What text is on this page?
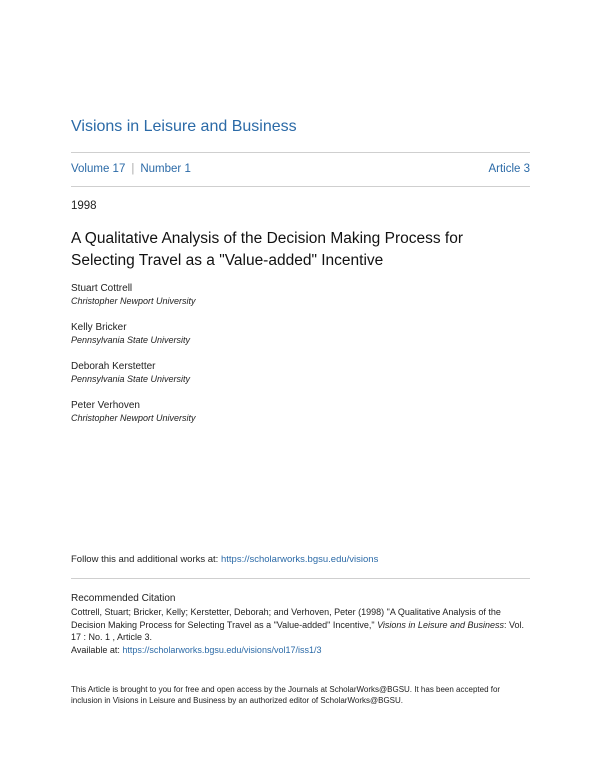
Visions in Leisure and Business
Volume 17 | Number 1	Article 3
1998
A Qualitative Analysis of the Decision Making Process for Selecting Travel as a "Value-added" Incentive
Stuart Cottrell
Christopher Newport University
Kelly Bricker
Pennsylvania State University
Deborah Kerstetter
Pennsylvania State University
Peter Verhoven
Christopher Newport University
Follow this and additional works at: https://scholarworks.bgsu.edu/visions
Recommended Citation
Cottrell, Stuart; Bricker, Kelly; Kerstetter, Deborah; and Verhoven, Peter (1998) "A Qualitative Analysis of the Decision Making Process for Selecting Travel as a "Value-added" Incentive," Visions in Leisure and Business: Vol. 17 : No. 1 , Article 3.
Available at: https://scholarworks.bgsu.edu/visions/vol17/iss1/3
This Article is brought to you for free and open access by the Journals at ScholarWorks@BGSU. It has been accepted for inclusion in Visions in Leisure and Business by an authorized editor of ScholarWorks@BGSU.
